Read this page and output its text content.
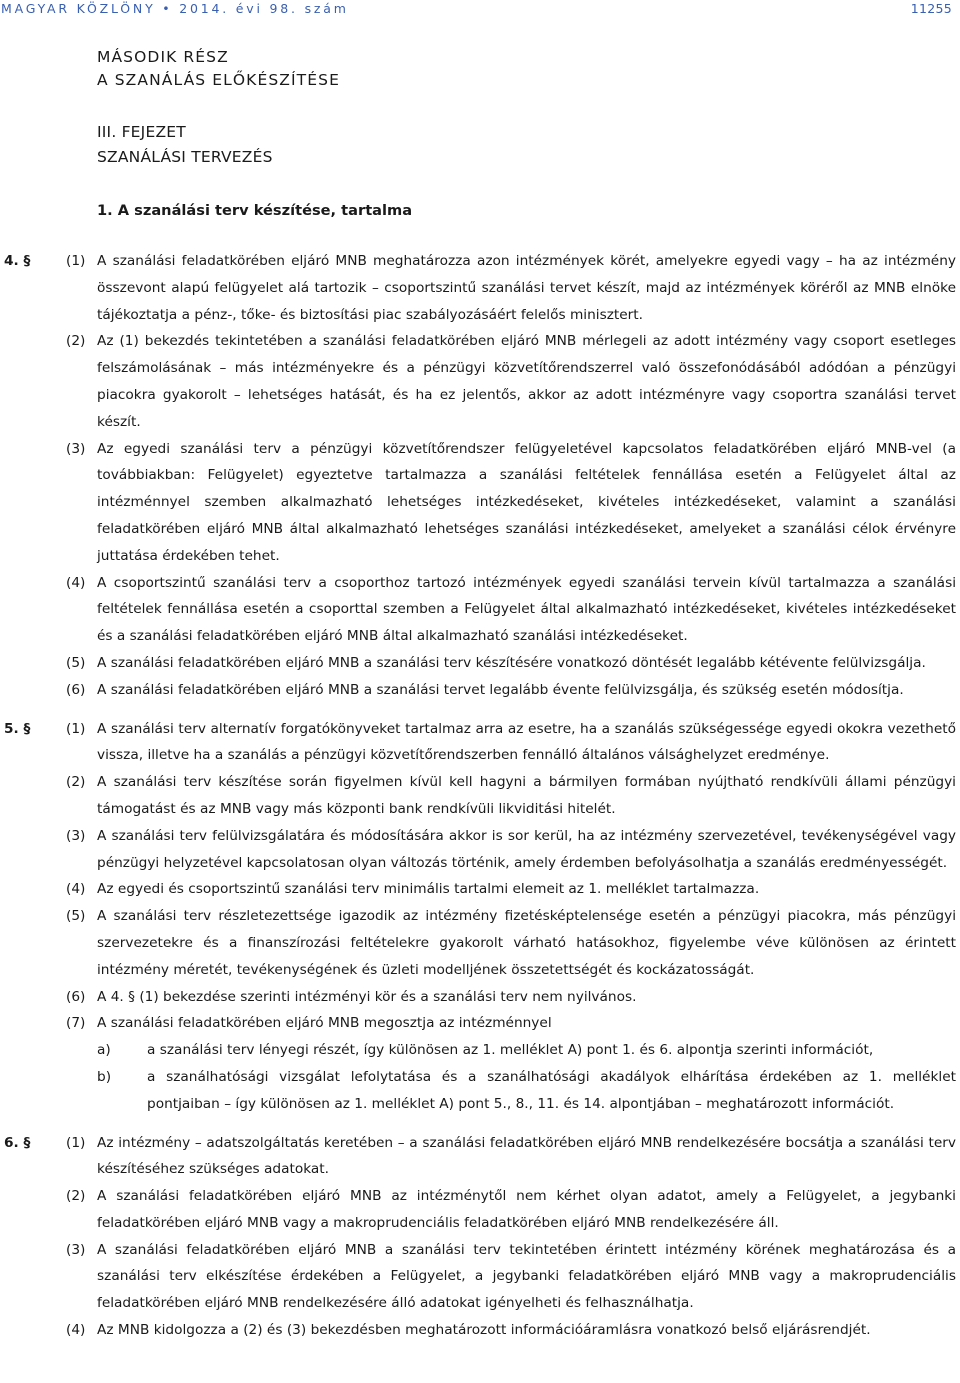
MAGYAR KÖZLÖNY • 2014. évi 98. szám	11255
MÁSODIK RÉSZ
A SZANÁLÁS ELŐKÉSZÍTÉSE
III. FEJEZET
SZANÁLÁSI TERVEZÉS
1. A szanálási terv készítése, tartalma
4. §	(1) A szanálási feladatkörében eljáró MNB meghatározza azon intézmények körét, amelyekre egyedi vagy – ha az intézmény összevont alapú felügyelet alá tartozik – csoportszintű szanálási tervet készít, majd az intézmények köréről az MNB elnöke tájékoztatja a pénz-, tőke- és biztosítási piac szabályozásáért felelős minisztert.
(2) Az (1) bekezdés tekintetében a szanálási feladatkörében eljáró MNB mérlegeli az adott intézmény vagy csoport esetleges felszámolásának – más intézményekre és a pénzügyi közvetítőrendszerrel való összefonódásából adódóan a pénzügyi piacokra gyakorolt – lehetséges hatását, és ha ez jelentős, akkor az adott intézményre vagy csoportra szanálási tervet készít.
(3) Az egyedi szanálási terv a pénzügyi közvetítőrendszer felügyeletével kapcsolatos feladatkörében eljáró MNB-vel (a továbbiakban: Felügyelet) egyeztetve tartalmazza a szanálási feltételek fennállása esetén a Felügyelet által az intézménnyel szemben alkalmazható lehetséges intézkedéseket, kivételes intézkedéseket, valamint a szanálási feladatkörében eljáró MNB által alkalmazható lehetséges szanálási intézkedéseket, amelyeket a szanálási célok érvényre juttatása érdekében tehet.
(4) A csoportszintű szanálási terv a csoporthoz tartozó intézmények egyedi szanálási tervein kívül tartalmazza a szanálási feltételek fennállása esetén a csoporttal szemben a Felügyelet által alkalmazható intézkedéseket, kivételes intézkedéseket és a szanálási feladatkörében eljáró MNB által alkalmazható szanálási intézkedéseket.
(5) A szanálási feladatkörében eljáró MNB a szanálási terv készítésére vonatkozó döntését legalább kétévente felülvizsgálja.
(6) A szanálási feladatkörében eljáró MNB a szanálási tervet legalább évente felülvizsgálja, és szükség esetén módosítja.
5. §	(1) A szanálási terv alternatív forgatókönyveket tartalmaz arra az esetre, ha a szanálás szükségessége egyedi okokra vezethető vissza, illetve ha a szanálás a pénzügyi közvetítőrendszerben fennálló általános válsághelyzet eredménye.
(2) A szanálási terv készítése során figyelmen kívül kell hagyni a bármilyen formában nyújtható rendkívüli állami pénzügyi támogatást és az MNB vagy más központi bank rendkívüli likviditási hitelét.
(3) A szanálási terv felülvizsgálatára és módosítására akkor is sor kerül, ha az intézmény szervezetével, tevékenységével vagy pénzügyi helyzetével kapcsolatosan olyan változás történik, amely érdemben befolyásolhatja a szanálás eredményességét.
(4) Az egyedi és csoportszintű szanálási terv minimális tartalmi elemeit az 1. melléklet tartalmazza.
(5) A szanálási terv részletezettsége igazodik az intézmény fizetésképtelensége esetén a pénzügyi piacokra, más pénzügyi szervezetekre és a finanszírozási feltételekre gyakorolt várható hatásokhoz, figyelembe véve különösen az érintett intézmény méretét, tevékenységének és üzleti modelljének összetettségét és kockázatosságát.
(6) A 4. § (1) bekezdése szerinti intézményi kör és a szanálási terv nem nyilvános.
(7) A szanálási feladatkörében eljáró MNB megosztja az intézménnyel
a)	a szanálási terv lényegi részét, így különösen az 1. melléklet A) pont 1. és 6. alpontja szerinti információt,
b)	a szanálhatósági vizsgálat lefolytatása és a szanálhatósági akadályok elhárítása érdekében az 1. melléklet pontjaiban – így különösen az 1. melléklet A) pont 5., 8., 11. és 14. alpontjában – meghatározott információt.
6. §	(1) Az intézmény – adatszolgáltatás keretében – a szanálási feladatkörében eljáró MNB rendelkezésére bocsátja a szanálási terv készítéséhez szükséges adatokat.
(2) A szanálási feladatkörében eljáró MNB az intézménytől nem kérhet olyan adatot, amely a Felügyelet, a jegybanki feladatkörében eljáró MNB vagy a makroprudenciális feladatkörében eljáró MNB rendelkezésére áll.
(3) A szanálási feladatkörében eljáró MNB a szanálási terv tekintetében érintett intézmény körének meghatározása és a szanálási terv elkészítése érdekében a Felügyelet, a jegybanki feladatkörében eljáró MNB vagy a makroprudenciális feladatkörében eljáró MNB rendelkezésére álló adatokat igényelheti és felhasználhatja.
(4) Az MNB kidolgozza a (2) és (3) bekezdésben meghatározott információáramlásra vonatkozó belső eljárásrendjét.
